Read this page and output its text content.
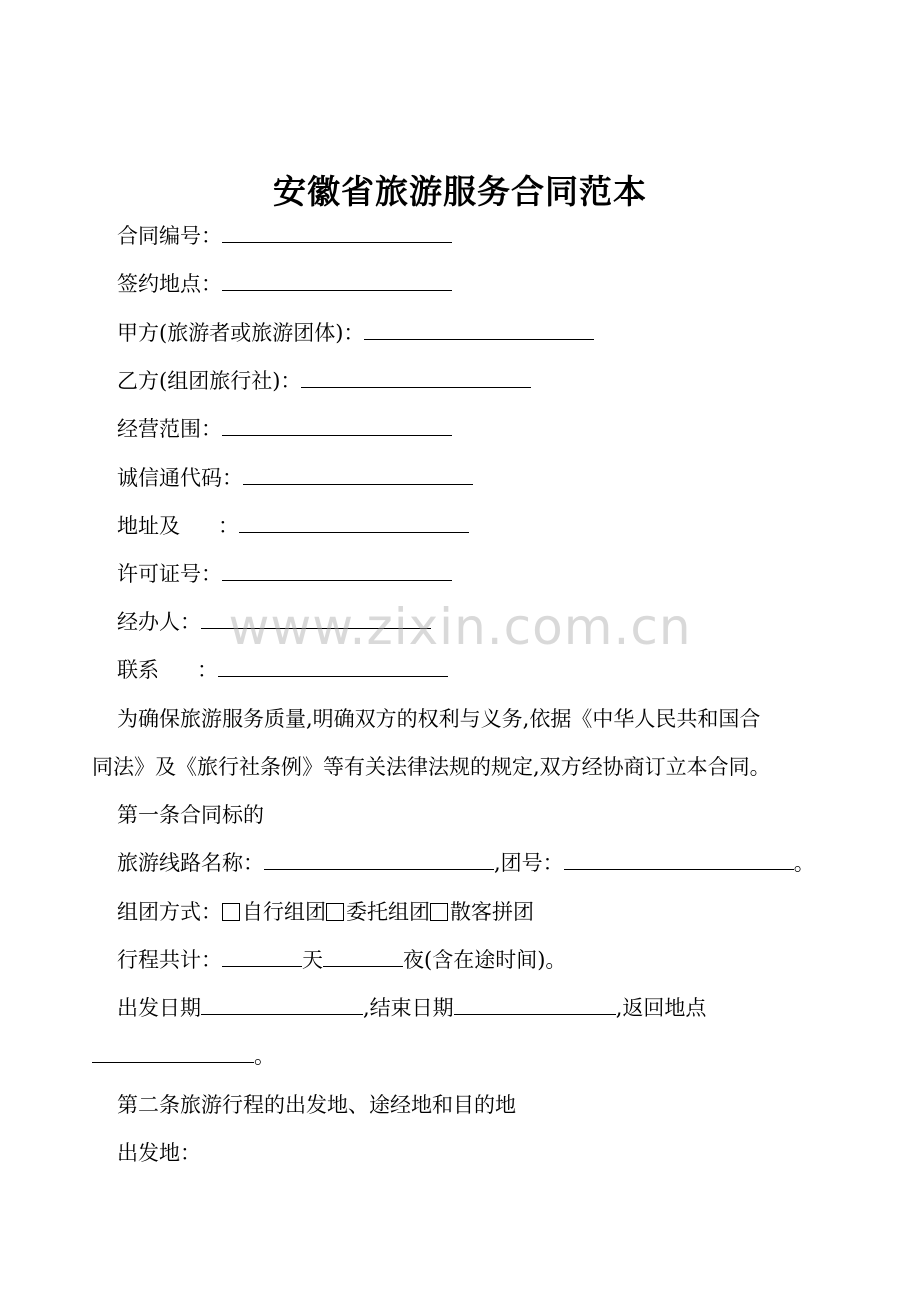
安徽省旅游服务合同范本
合同编号：
签约地点：
甲方(旅游者或旅游团体)：
乙方(组团旅行社)：
经营范围：
诚信通代码：
地址及 ：
许可证号：
经办人：
联系 ：
为确保旅游服务质量,明确双方的权利与义务,依据《中华人民共和国合
同法》及《旅行社条例》等有关法律法规的规定,双方经协商订立本合同。
第一条合同标的
旅游线路名称：	,团号：	。
组团方式： 自行组团 委托组团 散客拼团
行程共计：	天	夜(含在途时间)。
出发日期	,结束日期	,返回地点
。
第二条旅游行程的出发地、途经地和目的地
出发地：
www.zixin.com.cn
